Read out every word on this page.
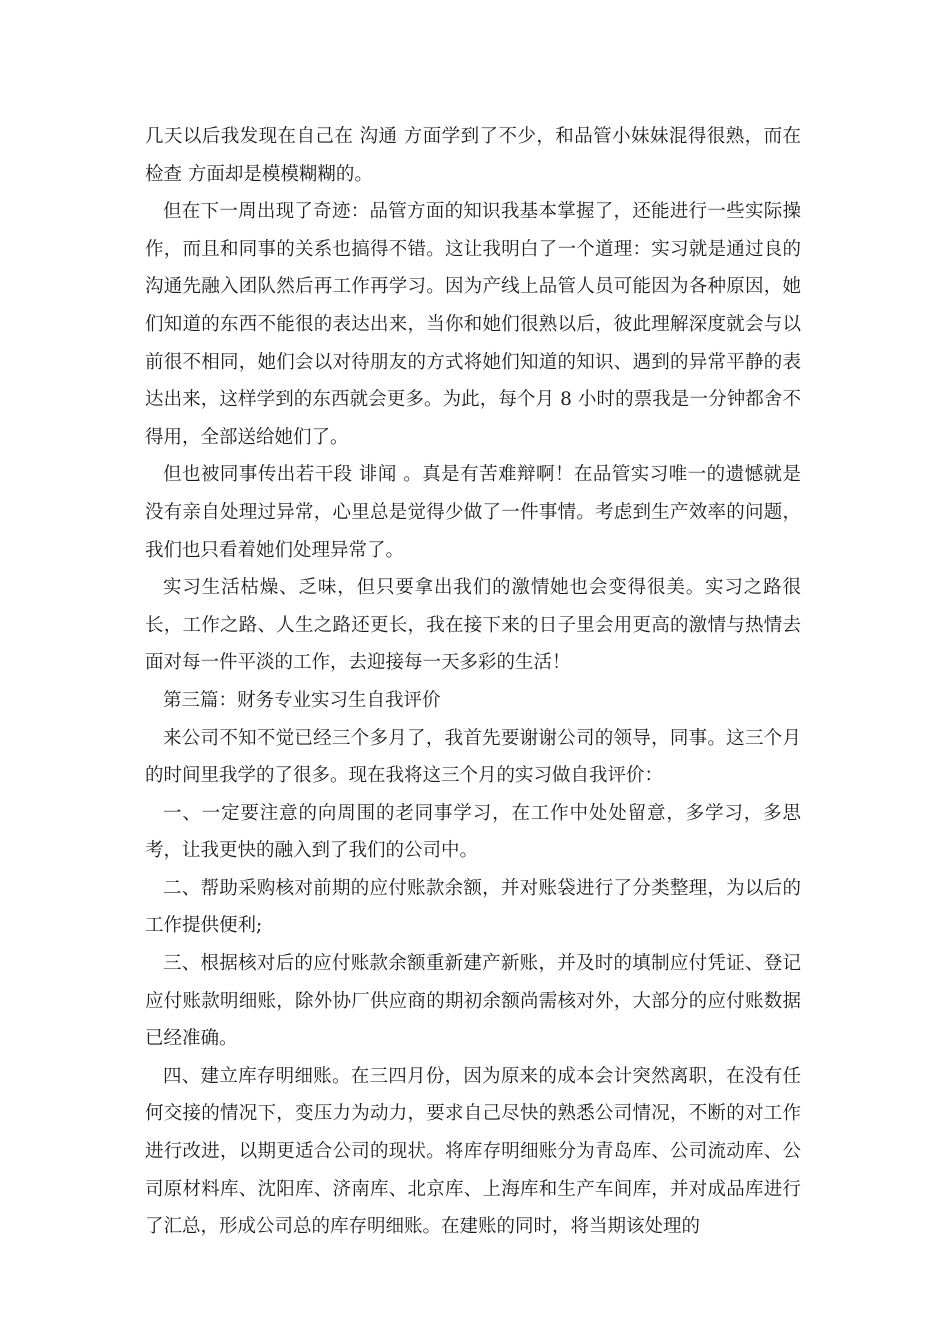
几天以后我发现在自己在 沟通 方面学到了不少，和品管小妹妹混得很熟，而在 检查 方面却是模模糊糊的。

但在下一周出现了奇迹：品管方面的知识我基本掌握了，还能进行一些实际操作，而且和同事的关系也搞得不错。这让我明白了一个道理：实习就是通过良的沟通先融入团队然后再工作再学习。因为产线上品管人员可能因为各种原因，她们知道的东西不能很的表达出来，当你和她们很熟以后，彼此理解深度就会与以前很不相同，她们会以对待朋友的方式将她们知道的知识、遇到的异常平静的表达出来，这样学到的东西就会更多。为此，每个月 8 小时的票我是一分钟都舍不得用，全部送给她们了。

但也被同事传出若干段 诽闻 。真是有苦难辩啊！在品管实习唯一的遗憾就是没有亲自处理过异常，心里总是觉得少做了一件事情。考虑到生产效率的问题，我们也只看着她们处理异常了。

实习生活枯燥、乏味，但只要拿出我们的激情她也会变得很美。实习之路很长，工作之路、人生之路还更长，我在接下来的日子里会用更高的激情与热情去面对每一件平淡的工作，去迎接每一天多彩的生活！

第三篇：财务专业实习生自我评价

来公司不知不觉已经三个多月了，我首先要谢谢公司的领导，同事。这三个月的时间里我学的了很多。现在我将这三个月的实习做自我评价：

一、一定要注意的向周围的老同事学习，在工作中处处留意，多学习，多思考，让我更快的融入到了我们的公司中。

二、帮助采购核对前期的应付账款余额，并对账袋进行了分类整理，为以后的工作提供便利;

三、根据核对后的应付账款余额重新建产新账，并及时的填制应付凭证、登记应付账款明细账，除外协厂供应商的期初余额尚需核对外，大部分的应付账数据已经准确。

四、建立库存明细账。在三四月份，因为原来的成本会计突然离职，在没有任何交接的情况下，变压力为动力，要求自己尽快的熟悉公司情况，不断的对工作进行改进，以期更适合公司的现状。将库存明细账分为青岛库、公司流动库、公司原材料库、沈阳库、济南库、北京库、上海库和生产车间库，并对成品库进行了汇总，形成公司总的库存明细账。在建账的同时，将当期该处理的
